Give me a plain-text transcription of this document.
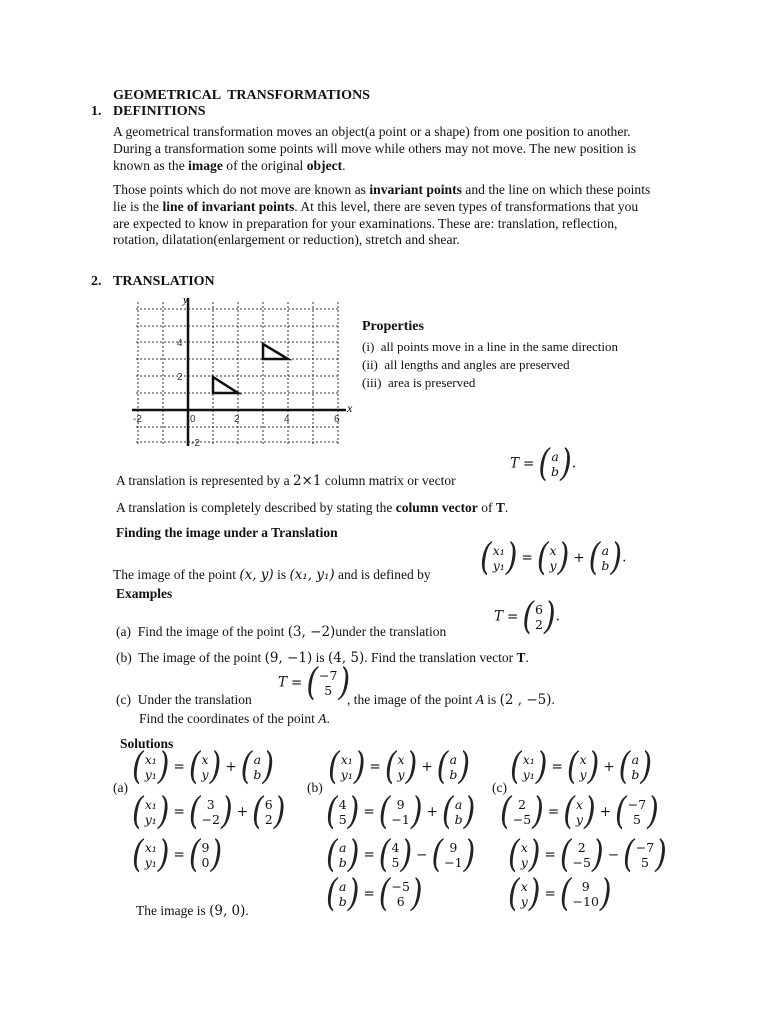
GEOMETRICAL  TRANSFORMATIONS
1. DEFINITIONS
A geometrical transformation moves an object(a point or a shape) from one position to another. During a transformation some points will move while others may not move. The new position is known as the image of the original object.
Those points which do not move are known as invariant points and the line on which these points lie is the line of invariant points. At this level, there are seven types of transformations that you are expected to know in preparation for your examinations. These are: translation, reflection, rotation, dilatation(enlargement or reduction), stretch and shear.
2. TRANSLATION
y
x
-2	0	2	4	6
4
2
-2
Properties
(i) all points move in a line in the same direction
(ii) all lengths and angles are preserved
(iii) area is preserved
T = ( a
b ) .
A translation is represented by a 2×1 column matrix or vector
A translation is completely described by stating the column vector of T.
Finding the image under a Translation
( x₁
y₁ ) = ( x
y ) + ( a
b ) .
The image of the point (x, y) is (x₁, y₁) and is defined by
Examples
T = ( 6
2 ) .
(a) Find the image of the point (3, −2)under the translation
(b) The image of the point (9, −1) is (4, 5). Find the translation vector T.
T = ( −7
5 )
(c) Under the translation	, the image of the point A is (2 , −5).
Find the coordinates of the point A.
Solutions
(a) ( x₁
y₁ ) = ( x
y ) + ( a
b )
( x₁
y₁ ) = ( 3
−2 ) + ( 6
2 )
( x₁
y₁ ) = ( 9
0 )
The image is (9, 0).
(b) ( x₁
y₁ ) = ( x
y ) + ( a
b )
( 4
5 ) = ( 9
−1 ) + ( a
b )
( a
b ) = ( 4
5 ) − ( 9
−1 )
( a
b ) = ( −5
6 )
(c) ( x₁
y₁ ) = ( x
y ) + ( a
b )
( 2
−5 ) = ( x
y ) + ( −7
5 )
( x
y ) = ( 2
−5 ) − ( −7
5 )
( x
y ) = ( 9
−10 )
